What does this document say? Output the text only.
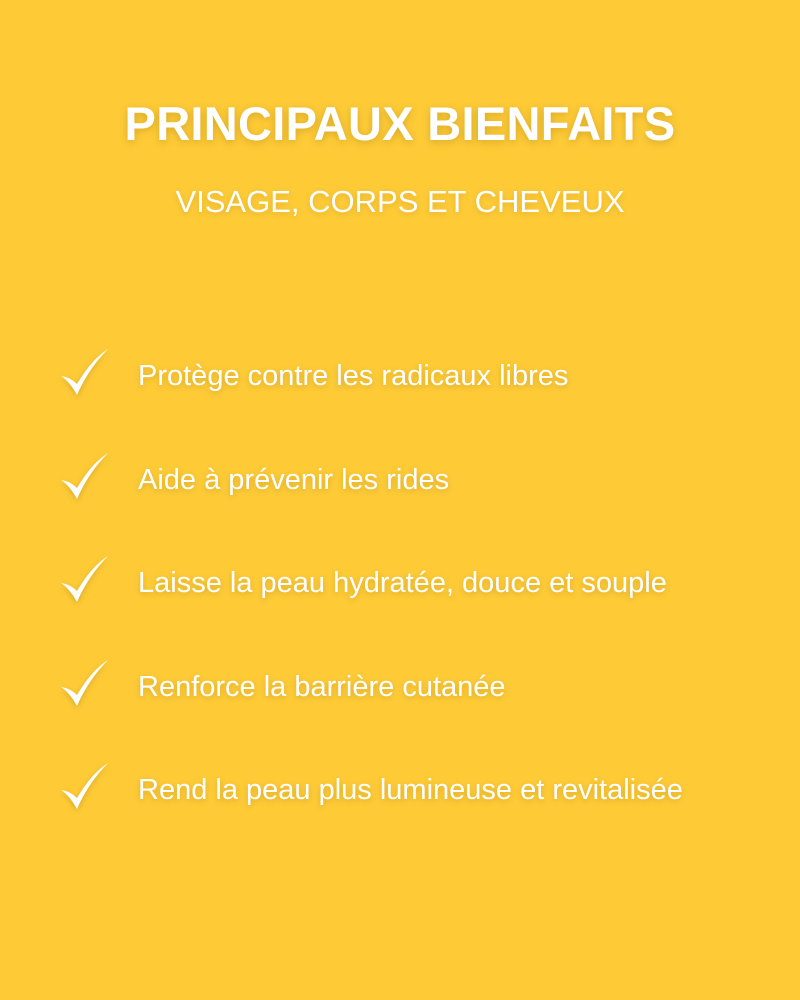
PRINCIPAUX BIENFAITS
VISAGE, CORPS ET CHEVEUX
Protège contre les radicaux libres
Aide à prévenir les rides
Laisse la peau hydratée, douce et souple
Renforce la barrière cutanée
Rend la peau plus lumineuse et revitalisée
